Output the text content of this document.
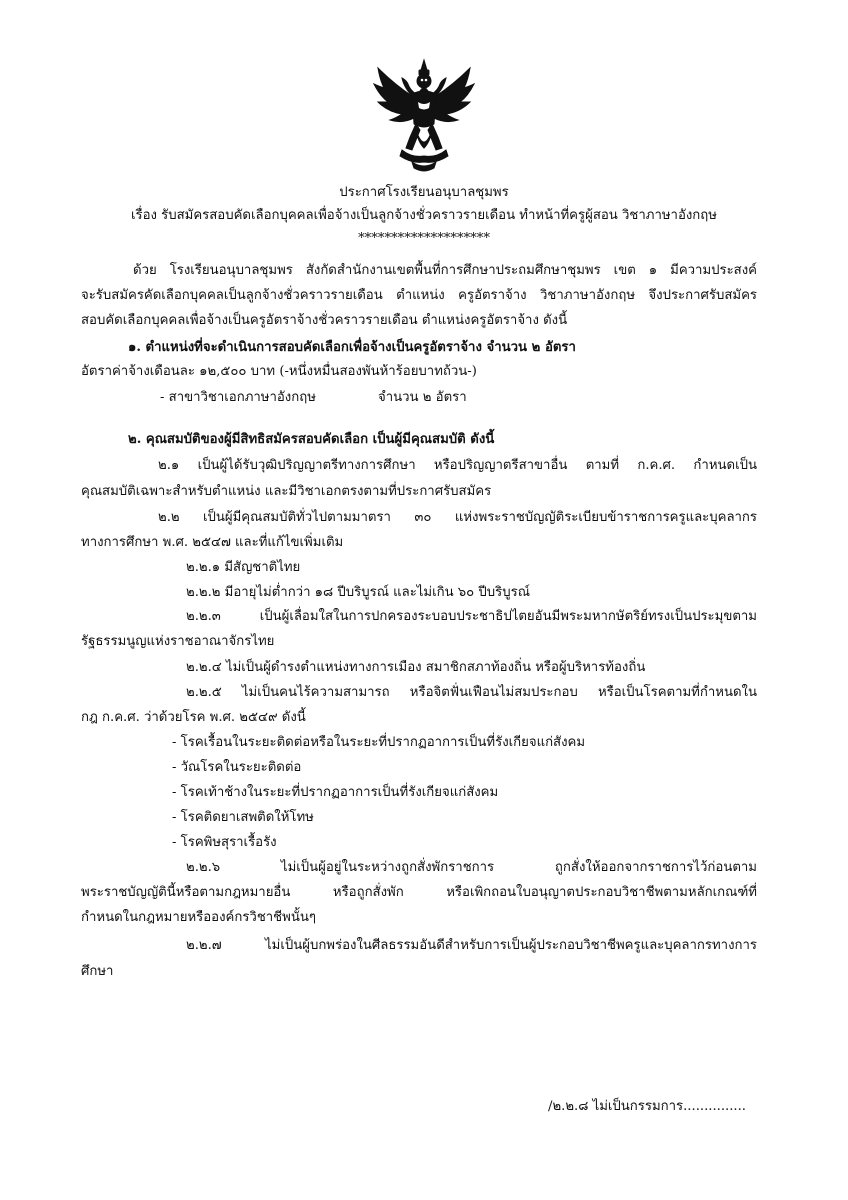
ประกาศโรงเรียนอนุบาลชุมพร
เรื่อง รับสมัครสอบคัดเลือกบุคคลเพื่อจ้างเป็นลูกจ้างชั่วคราวรายเดือน ทำหน้าที่ครูผู้สอน วิชาภาษาอังกฤษ
********************
ด้วย โรงเรียนอนุบาลชุมพร สังกัดสำนักงานเขตพื้นที่การศึกษาประถมศึกษาชุมพร เขต ๑ มีความประสงค์
จะรับสมัครคัดเลือกบุคคลเป็นลูกจ้างชั่วคราวรายเดือน ตำแหน่ง ครูอัตราจ้าง วิชาภาษาอังกฤษ จึงประกาศรับสมัคร
สอบคัดเลือกบุคคลเพื่อจ้างเป็นครูอัตราจ้างชั่วคราวรายเดือน ตำแหน่งครูอัตราจ้าง ดังนี้
๑. ตำแหน่งที่จะดำเนินการสอบคัดเลือกเพื่อจ้างเป็นครูอัตราจ้าง จำนวน ๒ อัตรา
อัตราค่าจ้างเดือนละ ๑๒,๕๐๐ บาท (-หนึ่งหมื่นสองพันห้าร้อยบาทถ้วน-)
- สาขาวิชาเอกภาษาอังกฤษ	จำนวน ๒ อัตรา
๒. คุณสมบัติของผู้มีสิทธิสมัครสอบคัดเลือก เป็นผู้มีคุณสมบัติ ดังนี้
๒.๑ เป็นผู้ได้รับวุฒิปริญญาตรีทางการศึกษา หรือปริญญาตรีสาขาอื่น ตามที่ ก.ค.ศ. กำหนดเป็น
คุณสมบัติเฉพาะสำหรับตำแหน่ง และมีวิชาเอกตรงตามที่ประกาศรับสมัคร
๒.๒ เป็นผู้มีคุณสมบัติทั่วไปตามมาตรา ๓๐ แห่งพระราชบัญญัติระเบียบข้าราชการครูและบุคลากร
ทางการศึกษา พ.ศ. ๒๕๔๗ และที่แก้ไขเพิ่มเติม
๒.๒.๑ มีสัญชาติไทย
๒.๒.๒ มีอายุไม่ต่ำกว่า ๑๘ ปีบริบูรณ์ และไม่เกิน ๖๐ ปีบริบูรณ์
๒.๒.๓ เป็นผู้เลื่อมใสในการปกครองระบอบประชาธิปไตยอันมีพระมหากษัตริย์ทรงเป็นประมุขตาม
รัฐธรรมนูญแห่งราชอาณาจักรไทย
๒.๒.๔ ไม่เป็นผู้ดำรงตำแหน่งทางการเมือง สมาชิกสภาท้องถิ่น หรือผู้บริหารท้องถิ่น
๒.๒.๕ ไม่เป็นคนไร้ความสามารถ หรือจิตฟั่นเฟือนไม่สมประกอบ หรือเป็นโรคตามที่กำหนดใน
กฎ ก.ค.ศ. ว่าด้วยโรค พ.ศ. ๒๕๔๙ ดังนี้
- โรคเรื้อนในระยะติดต่อหรือในระยะที่ปรากฏอาการเป็นที่รังเกียจแก่สังคม
- วัณโรคในระยะติดต่อ
- โรคเท้าช้างในระยะที่ปรากฏอาการเป็นที่รังเกียจแก่สังคม
- โรคติดยาเสพติดให้โทษ
- โรคพิษสุราเรื้อรัง
๒.๒.๖ ไม่เป็นผู้อยู่ในระหว่างถูกสั่งพักราชการ ถูกสั่งให้ออกจากราชการไว้ก่อนตาม
พระราชบัญญัตินี้หรือตามกฎหมายอื่น หรือถูกสั่งพัก หรือเพิกถอนใบอนุญาตประกอบวิชาชีพตามหลักเกณฑ์ที่
กำหนดในกฎหมายหรือองค์กรวิชาชีพนั้นๆ
๒.๒.๗ ไม่เป็นผู้บกพร่องในศีลธรรมอันดีสำหรับการเป็นผู้ประกอบวิชาชีพครูและบุคลากรทางการ
ศึกษา
/๒.๒.๘ ไม่เป็นกรรมการ...............
